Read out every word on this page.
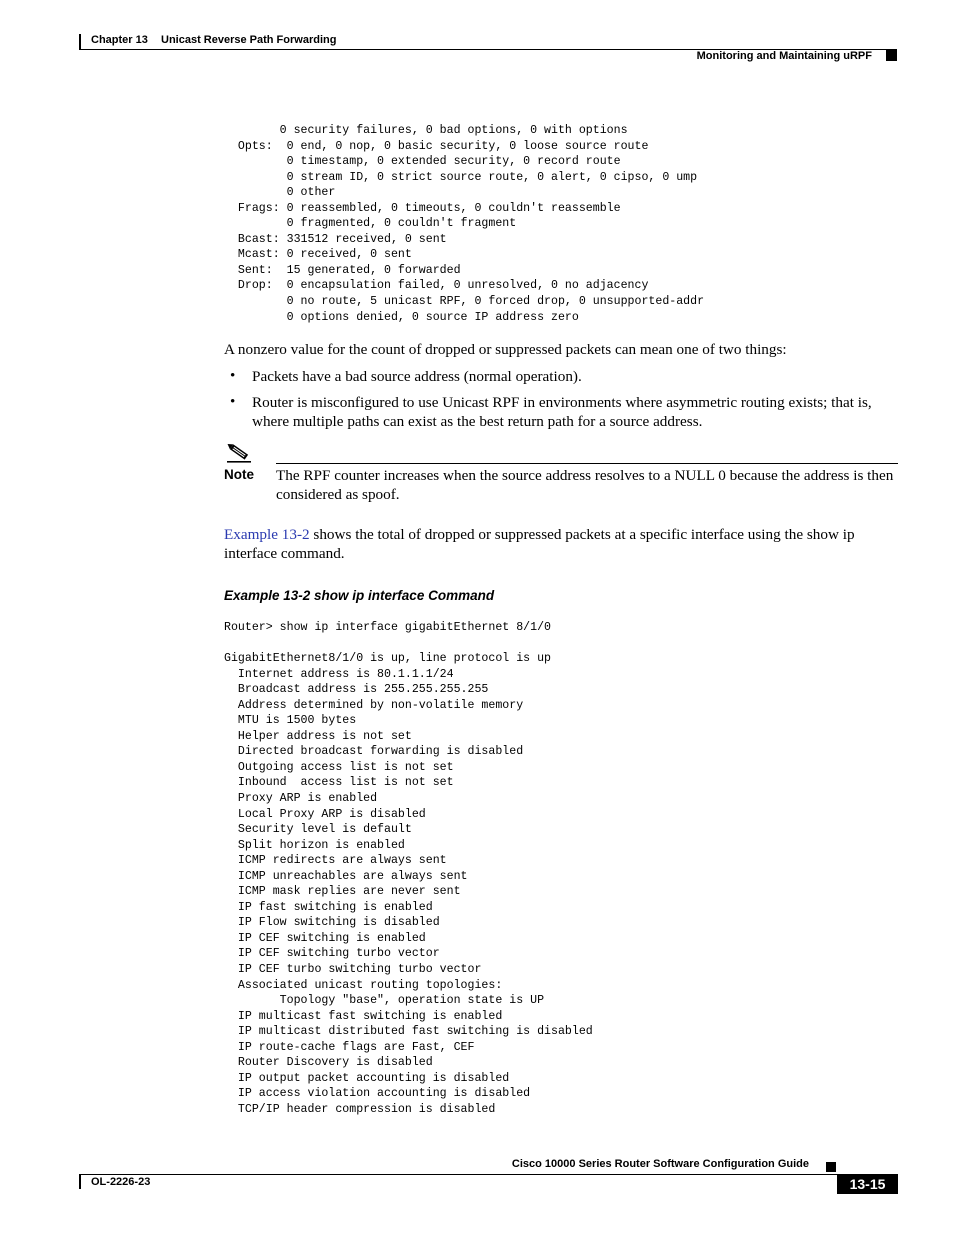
Chapter 13 Unicast Reverse Path Forwarding
Monitoring and Maintaining uRPF
0 security failures, 0 bad options, 0 with options
Opts:  0 end, 0 nop, 0 basic security, 0 loose source route
0 timestamp, 0 extended security, 0 record route
0 stream ID, 0 strict source route, 0 alert, 0 cipso, 0 ump
0 other
Frags: 0 reassembled, 0 timeouts, 0 couldn't reassemble
0 fragmented, 0 couldn't fragment
Bcast: 331512 received, 0 sent
Mcast: 0 received, 0 sent
Sent:  15 generated, 0 forwarded
Drop:  0 encapsulation failed, 0 unresolved, 0 no adjacency
0 no route, 5 unicast RPF, 0 forced drop, 0 unsupported-addr
0 options denied, 0 source IP address zero
A nonzero value for the count of dropped or suppressed packets can mean one of two things:
• Packets have a bad source address (normal operation).
• Router is misconfigured to use Unicast RPF in environments where asymmetric routing exists; that is, where multiple paths can exist as the best return path for a source address.
Note The RPF counter increases when the source address resolves to a NULL 0 because the address is then considered as spoof.
Example 13-2 shows the total of dropped or suppressed packets at a specific interface using the show ip interface command.
Example 13-2 show ip interface Command
Router> show ip interface gigabitEthernet 8/1/0

GigabitEthernet8/1/0 is up, line protocol is up
Internet address is 80.1.1.1/24
Broadcast address is 255.255.255.255
Address determined by non-volatile memory
MTU is 1500 bytes
Helper address is not set
Directed broadcast forwarding is disabled
Outgoing access list is not set
Inbound  access list is not set
Proxy ARP is enabled
Local Proxy ARP is disabled
Security level is default
Split horizon is enabled
ICMP redirects are always sent
ICMP unreachables are always sent
ICMP mask replies are never sent
IP fast switching is enabled
IP Flow switching is disabled
IP CEF switching is enabled
IP CEF switching turbo vector
IP CEF turbo switching turbo vector
Associated unicast routing topologies:
Topology "base", operation state is UP
IP multicast fast switching is enabled
IP multicast distributed fast switching is disabled
IP route-cache flags are Fast, CEF
Router Discovery is disabled
IP output packet accounting is disabled
IP access violation accounting is disabled
TCP/IP header compression is disabled
Cisco 10000 Series Router Software Configuration Guide
OL-2226-23	13-15
